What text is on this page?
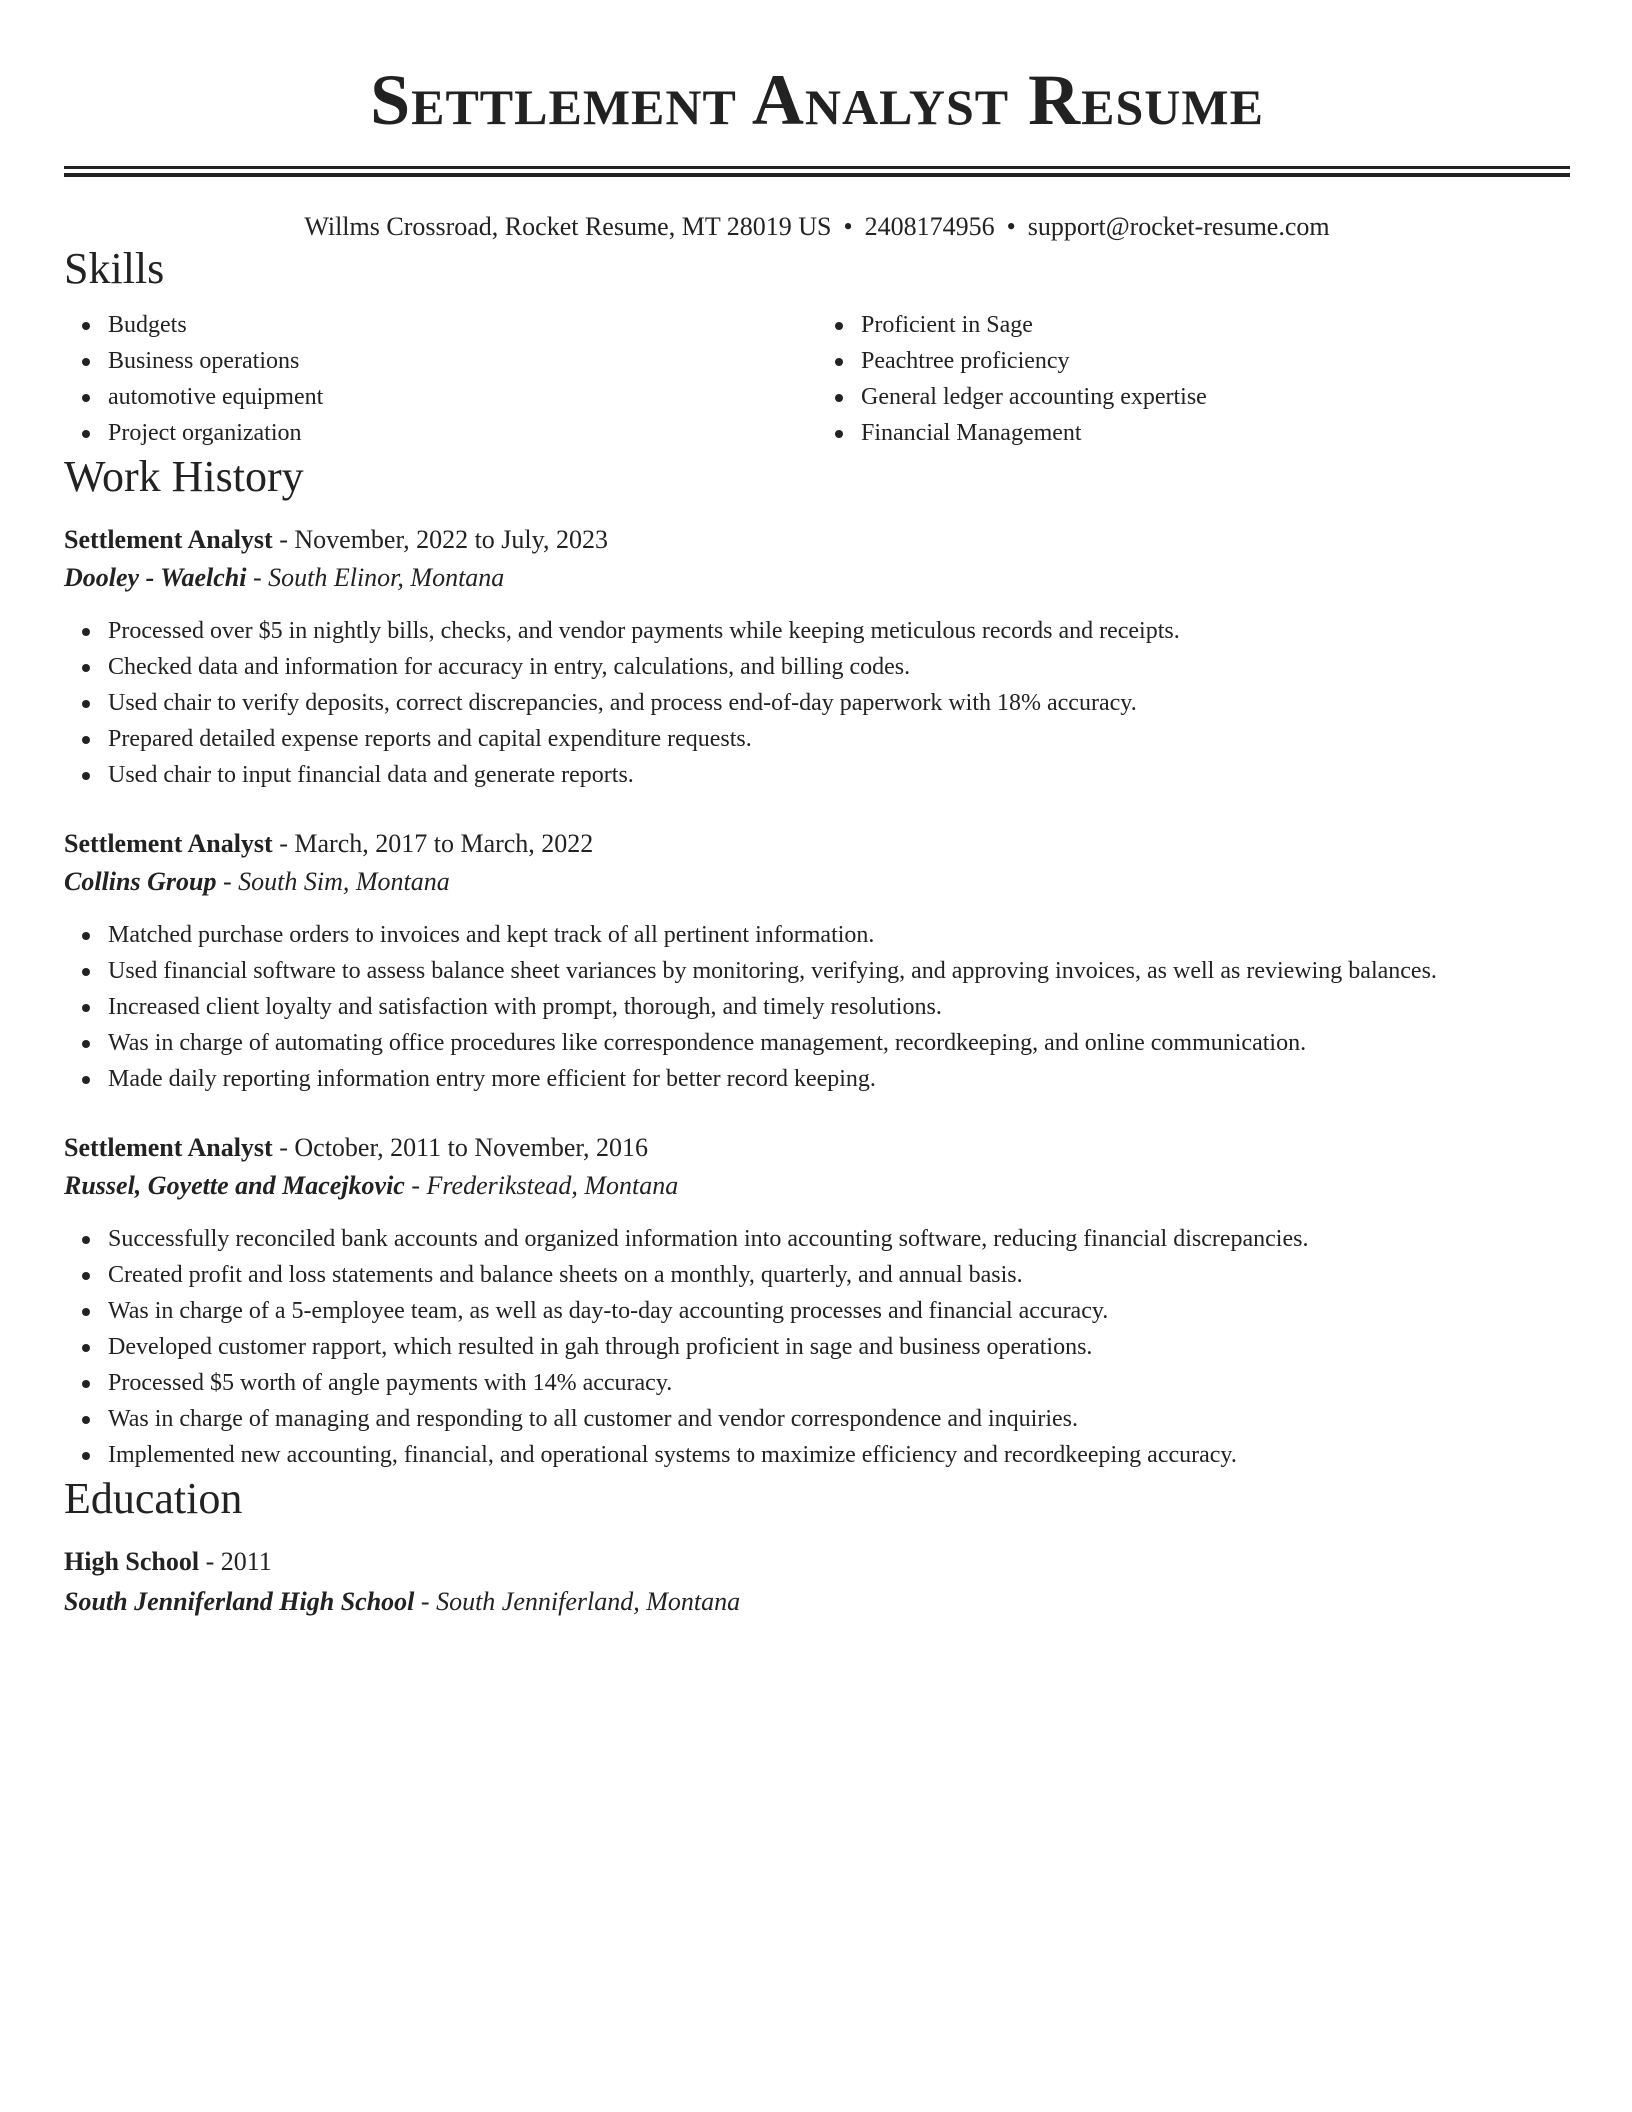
Settlement Analyst Resume
Willms Crossroad, Rocket Resume, MT 28019 US • 2408174956 • support@rocket-resume.com
Skills
Budgets
Business operations
automotive equipment
Project organization
Proficient in Sage
Peachtree proficiency
General ledger accounting expertise
Financial Management
Work History
Settlement Analyst - November, 2022 to July, 2023
Dooley - Waelchi - South Elinor, Montana
Processed over $5 in nightly bills, checks, and vendor payments while keeping meticulous records and receipts.
Checked data and information for accuracy in entry, calculations, and billing codes.
Used chair to verify deposits, correct discrepancies, and process end-of-day paperwork with 18% accuracy.
Prepared detailed expense reports and capital expenditure requests.
Used chair to input financial data and generate reports.
Settlement Analyst - March, 2017 to March, 2022
Collins Group - South Sim, Montana
Matched purchase orders to invoices and kept track of all pertinent information.
Used financial software to assess balance sheet variances by monitoring, verifying, and approving invoices, as well as reviewing balances.
Increased client loyalty and satisfaction with prompt, thorough, and timely resolutions.
Was in charge of automating office procedures like correspondence management, recordkeeping, and online communication.
Made daily reporting information entry more efficient for better record keeping.
Settlement Analyst - October, 2011 to November, 2016
Russel, Goyette and Macejkovic - Frederikstead, Montana
Successfully reconciled bank accounts and organized information into accounting software, reducing financial discrepancies.
Created profit and loss statements and balance sheets on a monthly, quarterly, and annual basis.
Was in charge of a 5-employee team, as well as day-to-day accounting processes and financial accuracy.
Developed customer rapport, which resulted in gah through proficient in sage and business operations.
Processed $5 worth of angle payments with 14% accuracy.
Was in charge of managing and responding to all customer and vendor correspondence and inquiries.
Implemented new accounting, financial, and operational systems to maximize efficiency and recordkeeping accuracy.
Education
High School - 2011
South Jenniferland High School - South Jenniferland, Montana
